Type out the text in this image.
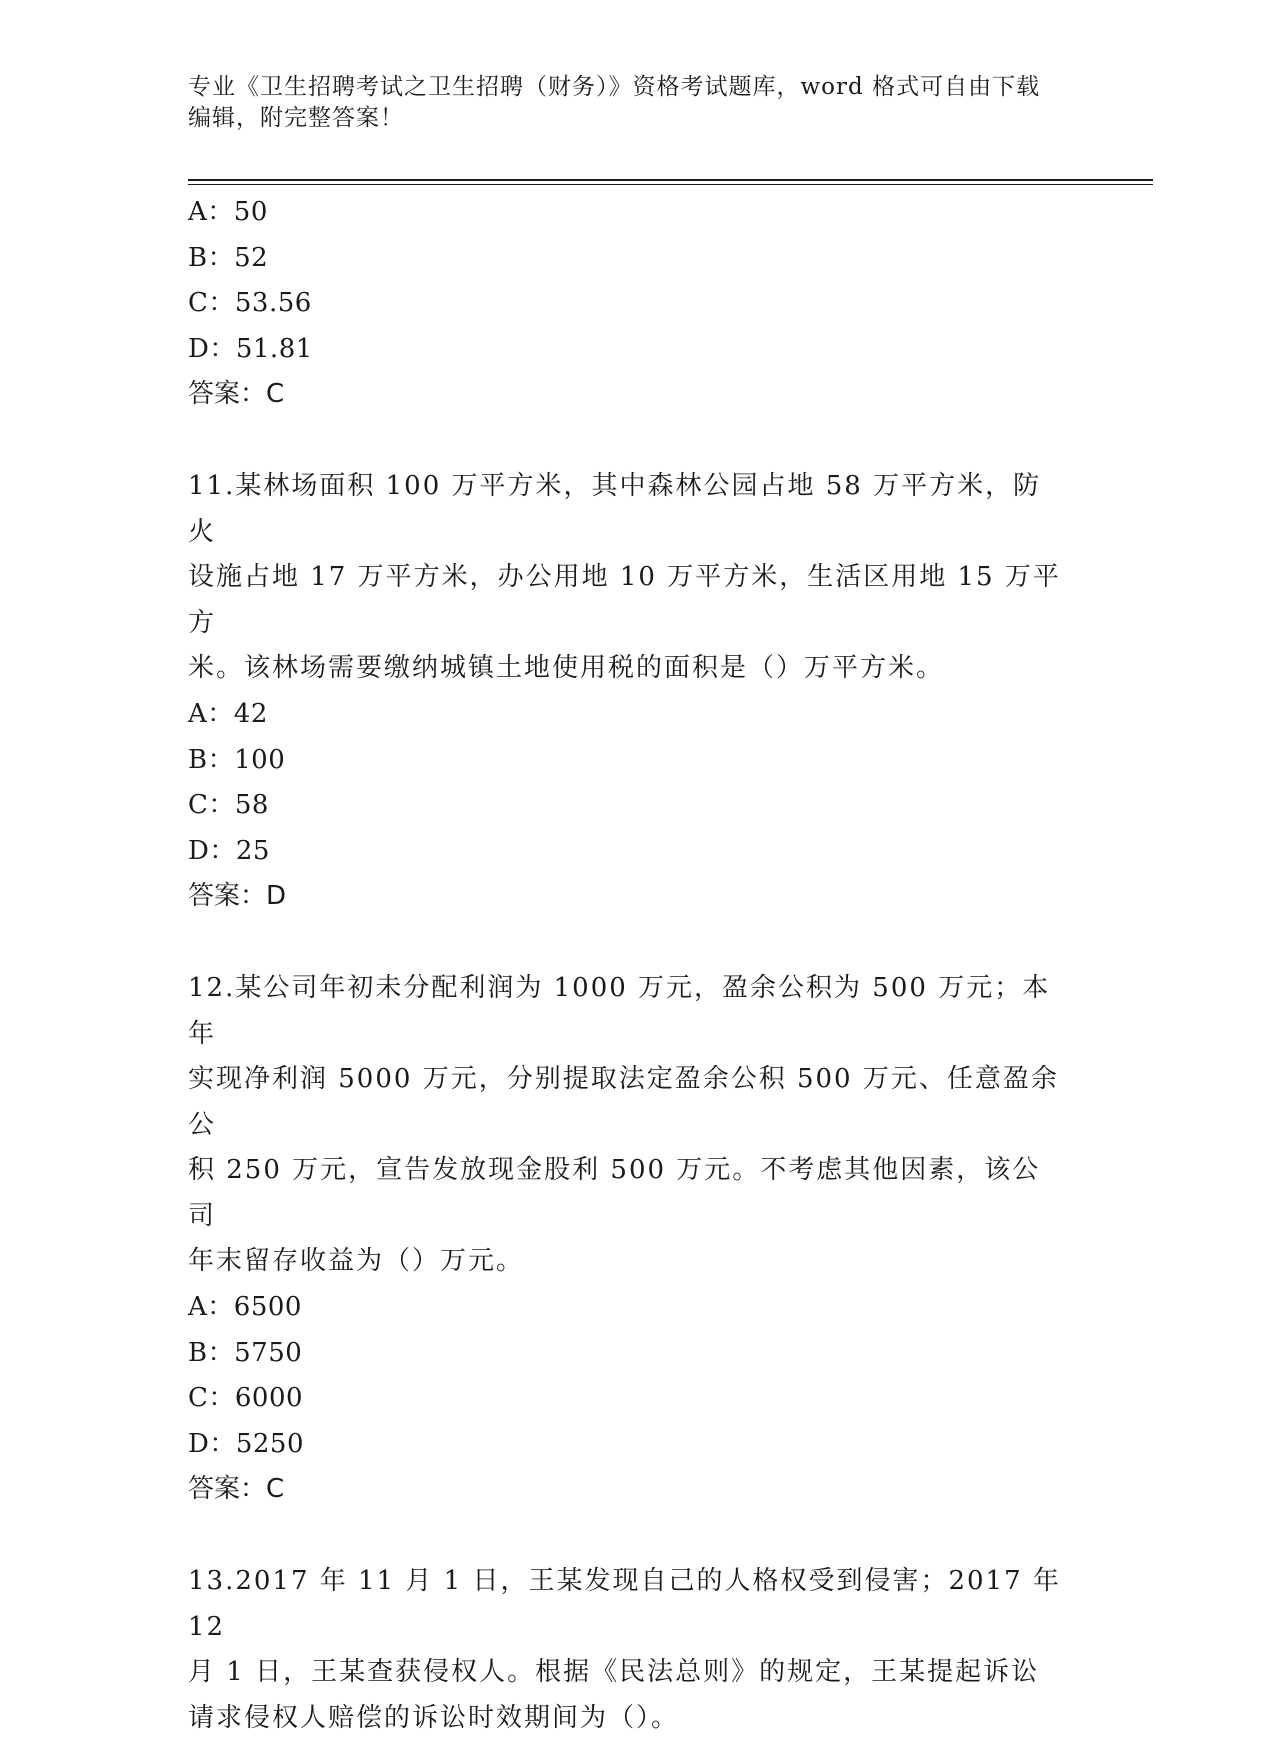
专业《卫生招聘考试之卫生招聘（财务）》资格考试题库，word 格式可自由下载
编辑，附完整答案！
A：50
B：52
C：53.56
D：51.81
答案：C
11.某林场面积 100 万平方米，其中森林公园占地 58 万平方米，防火
设施占地 17 万平方米，办公用地 10 万平方米，生活区用地 15 万平方
米。该林场需要缴纳城镇土地使用税的面积是（）万平方米。
A：42
B：100
C：58
D：25
答案：D
12.某公司年初未分配利润为 1000 万元，盈余公积为 500 万元；本年
实现净利润 5000 万元，分别提取法定盈余公积 500 万元、任意盈余公
积 250 万元，宣告发放现金股利 500 万元。不考虑其他因素，该公司
年末留存收益为（）万元。
A：6500
B：5750
C：6000
D：5250
答案：C
13.2017 年 11 月 1 日，王某发现自己的人格权受到侵害；2017 年 12
月 1 日，王某查获侵权人。根据《民法总则》的规定，王某提起诉讼
请求侵权人赔偿的诉讼时效期间为（）。
